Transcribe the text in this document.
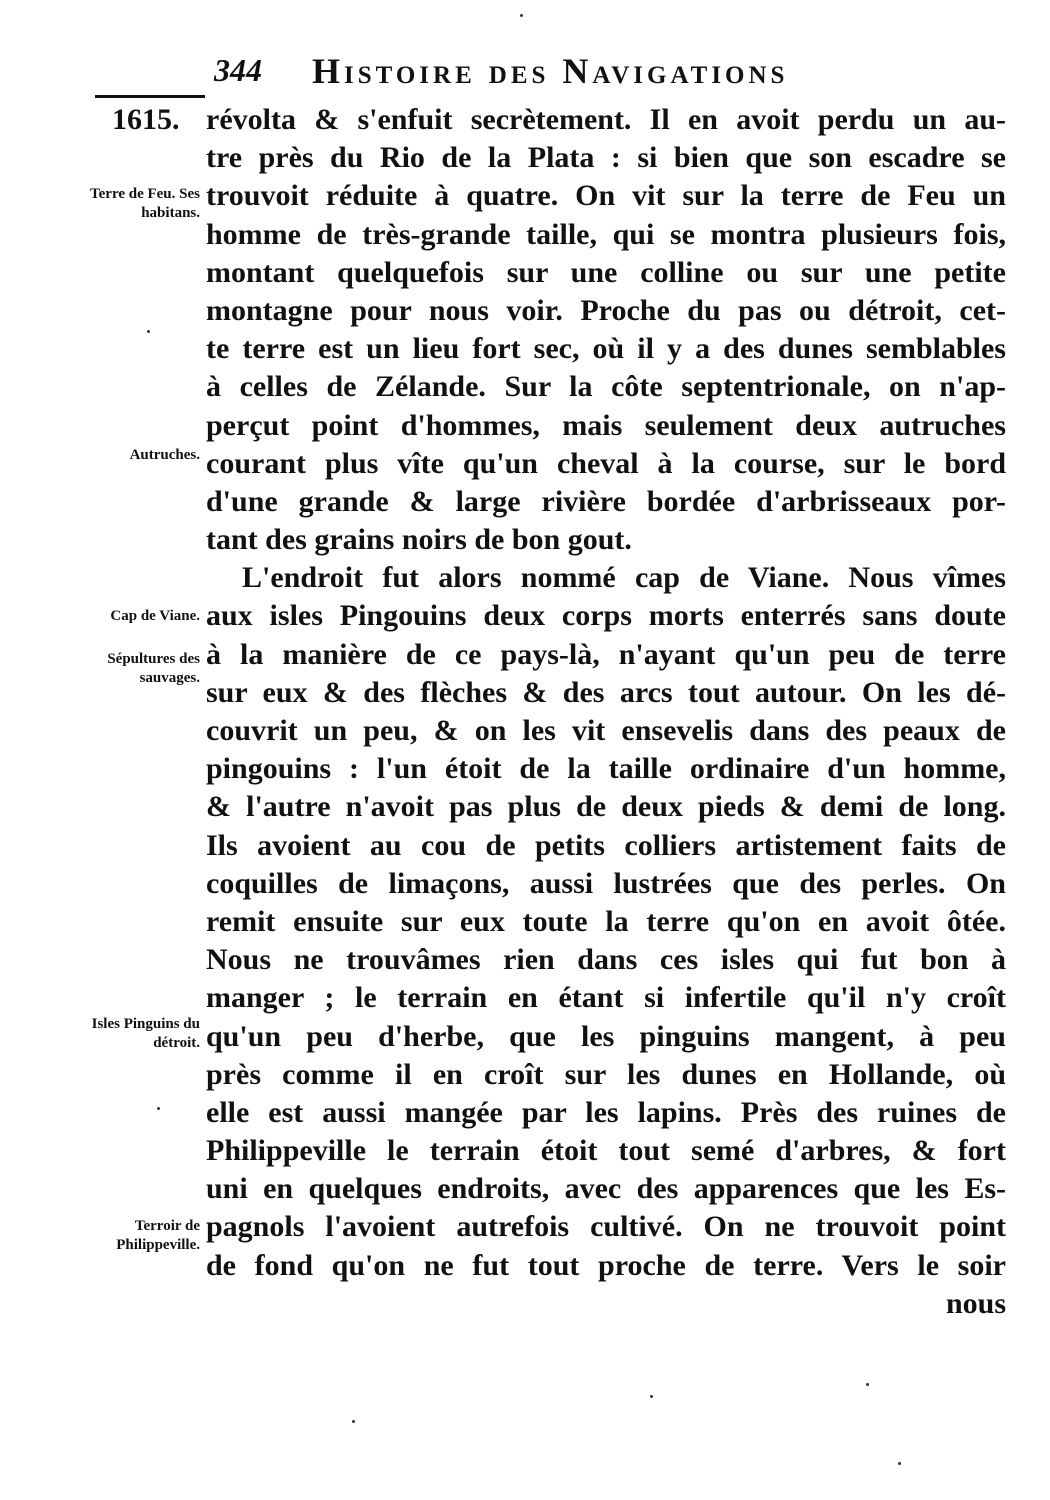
344 Histoire des Navigations
1615.
Terre de Feu. Ses habitans.
Autruches.
Cap de Viane.
Sépultures des sauvages.
Isles Pinguins du détroit.
Terroir de Philippeville.
révolta & s'enfuit secrètement. Il en avoit perdu un au-
tre près du Rio de la Plata : si bien que son escadre se
trouvoit réduite à quatre. On vit sur la terre de Feu un
homme de très-grande taille, qui se montra plusieurs fois,
montant quelquefois sur une colline ou sur une petite
montagne pour nous voir. Proche du pas ou détroit, cet-
te terre est un lieu fort sec, où il y a des dunes semblables
à celles de Zélande. Sur la côte septentrionale, on n'ap-
perçut point d'hommes, mais seulement deux autruches
courant plus vîte qu'un cheval à la course, sur le bord
d'une grande & large rivière bordée d'arbrisseaux por-
tant des grains noirs de bon gout.
L'endroit fut alors nommé cap de Viane. Nous vîmes
aux isles Pingouins deux corps morts enterrés sans doute
à la manière de ce pays-là, n'ayant qu'un peu de terre
sur eux & des flèches & des arcs tout autour. On les dé-
couvrit un peu, & on les vit ensevelis dans des peaux de
pingouins : l'un étoit de la taille ordinaire d'un homme,
& l'autre n'avoit pas plus de deux pieds & demi de long.
Ils avoient au cou de petits colliers artistement faits de
coquilles de limaçons, aussi lustrées que des perles. On
remit ensuite sur eux toute la terre qu'on en avoit ôtée.
Nous ne trouvâmes rien dans ces isles qui fut bon à
manger ; le terrain en étant si infertile qu'il n'y croît
qu'un peu d'herbe, que les pinguins mangent, à peu
près comme il en croît sur les dunes en Hollande, où
elle est aussi mangée par les lapins. Près des ruines de
Philippeville le terrain étoit tout semé d'arbres, & fort
uni en quelques endroits, avec des apparences que les Es-
pagnols l'avoient autrefois cultivé. On ne trouvoit point
de fond qu'on ne fut tout proche de terre. Vers le soir
nous
